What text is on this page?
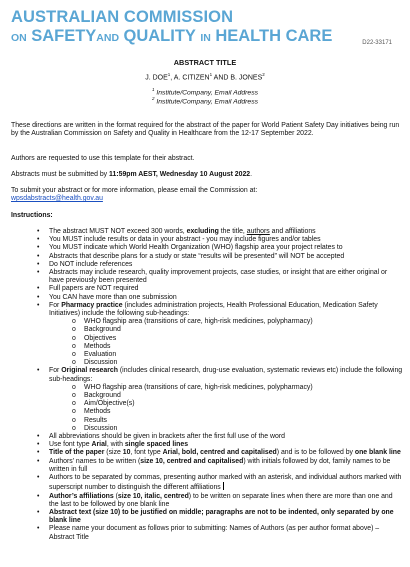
AUSTRALIAN COMMISSION
ON SAFETYAND QUALITY IN HEALTH CARE	D22-33171
ABSTRACT TITLE
J. DOE$^1$, A. CITIZEN$^1$ AND B. JONES$^2$
$^1$ Institute/Company, Email Address
$^2$ Institute/Company, Email Address
These directions are written in the format required for the abstract of the paper for World Patient Safety Day initiatives being run by the Australian Commission on Safety and Quality in Healthcare from the 12-17 September 2022.
Authors are requested to use this template for their abstract.
Abstracts must be submitted by 11:59pm AEST, Wednesday 10 August 2022.
To submit your abstract or for more information, please email the Commission at:
wpsdabstracts@health.gov.au
Instructions:
• The abstract MUST NOT exceed 300 words, excluding the title, authors and affiliations
• You MUST include results or data in your abstract - you may include figures and/or tables
• You MUST indicate which World Health Organization (WHO) flagship area your project relates to
• Abstracts that describe plans for a study or state “results will be presented” will NOT be accepted
• Do NOT include references
• Abstracts may include research, quality improvement projects, case studies, or insight that are either original or have previously been presented
• Full papers are NOT required
• You CAN have more than one submission
• For Pharmacy practice (includes administration projects, Health Professional Education, Medication Safety Initiatives) include the following sub-headings:
o WHO flagship area (transitions of care, high-risk medicines, polypharmacy)
o Background
o Objectives
o Methods
o Evaluation
o Discussion
• For Original research (includes clinical research, drug-use evaluation, systematic reviews etc) include the following sub-headings:
o WHO flagship area (transitions of care, high-risk medicines, polypharmacy)
o Background
o Aim/Objective(s)
o Methods
o Results
o Discussion
• All abbreviations should be given in brackets after the first full use of the word
• Use font type Arial, with single spaced lines
• Title of the paper (size 10, font type Arial, bold, centred and capitalised) and is to be followed by one blank line
• Authors’ names to be written (size 10, centred and capitalised) with initials followed by dot, family names to be written in full
• Authors to be separated by commas, presenting author marked with an asterisk, and individual authors marked with superscript number to distinguish the different affiliations
• Author’s affiliations (size 10, italic, centred) to be written on separate lines when there are more than one and the last to be followed by one blank line
• Abstract text (size 10) to be justified on middle; paragraphs are not to be indented, only separated by one blank line
• Please name your document as follows prior to submitting: Names of Authors (as per author format above) – Abstract Title
